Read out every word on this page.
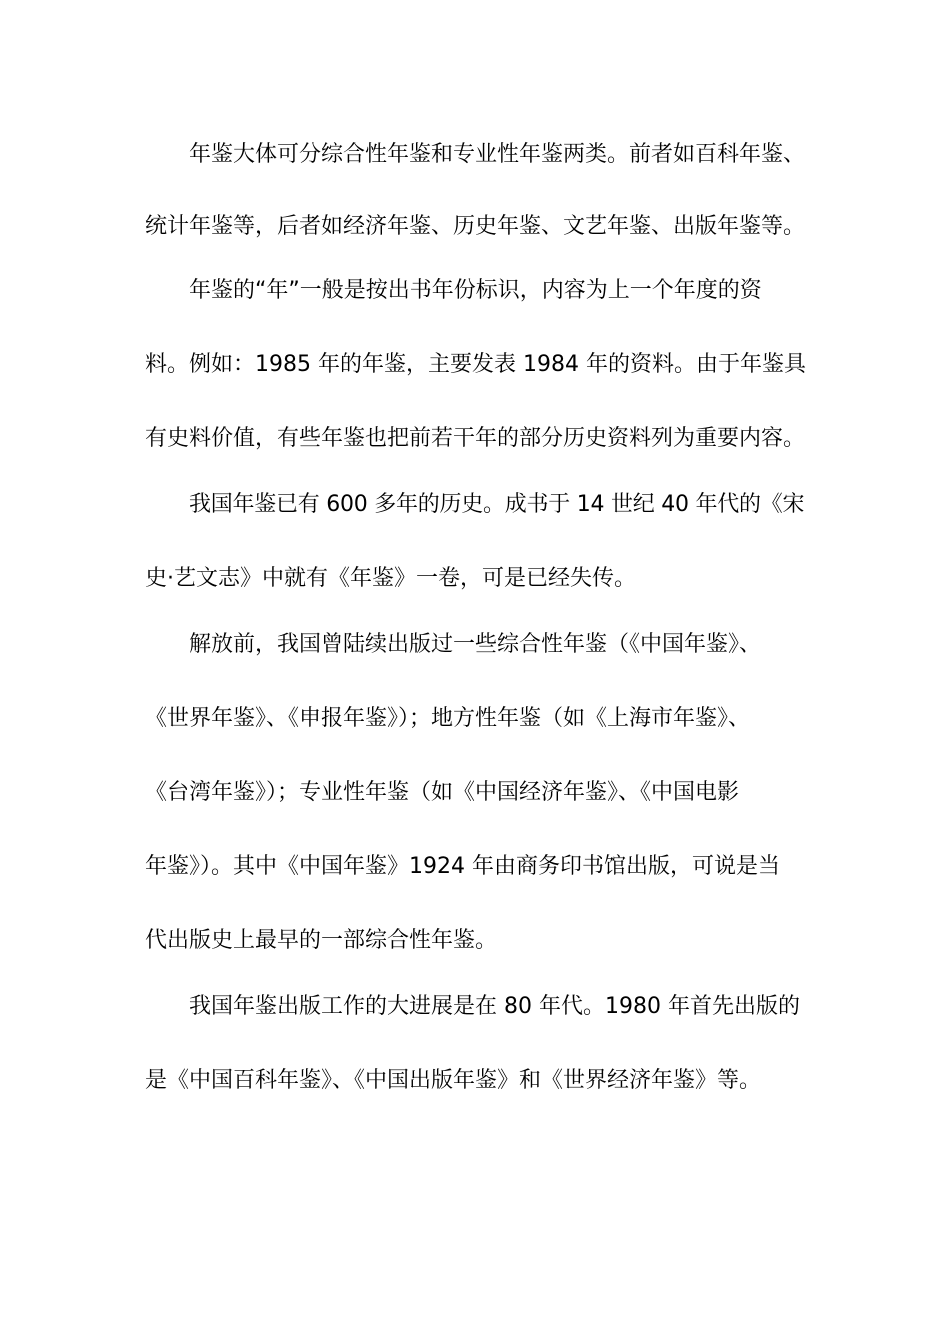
年鉴大体可分综合性年鉴和专业性年鉴两类。前者如百科年鉴、
统计年鉴等，后者如经济年鉴、历史年鉴、文艺年鉴、出版年鉴等。
年鉴的“年”一般是按出书年份标识，内容为上一个年度的资
料。例如：1985 年的年鉴，主要发表 1984 年的资料。由于年鉴具
有史料价值，有些年鉴也把前若干年的部分历史资料列为重要内容。
我国年鉴已有 600 多年的历史。成书于 14 世纪 40 年代的《宋
史·艺文志》中就有《年鉴》一卷，可是已经失传。
解放前，我国曾陆续出版过一些综合性年鉴（《中国年鉴》、
《世界年鉴》、《申报年鉴》）；地方性年鉴（如《上海市年鉴》、
《台湾年鉴》）；专业性年鉴（如《中国经济年鉴》、《中国电影
年鉴》）。其中《中国年鉴》1924 年由商务印书馆出版，可说是当
代出版史上最早的一部综合性年鉴。
我国年鉴出版工作的大进展是在 80 年代。1980 年首先出版的
是《中国百科年鉴》、《中国出版年鉴》和《世界经济年鉴》等。
